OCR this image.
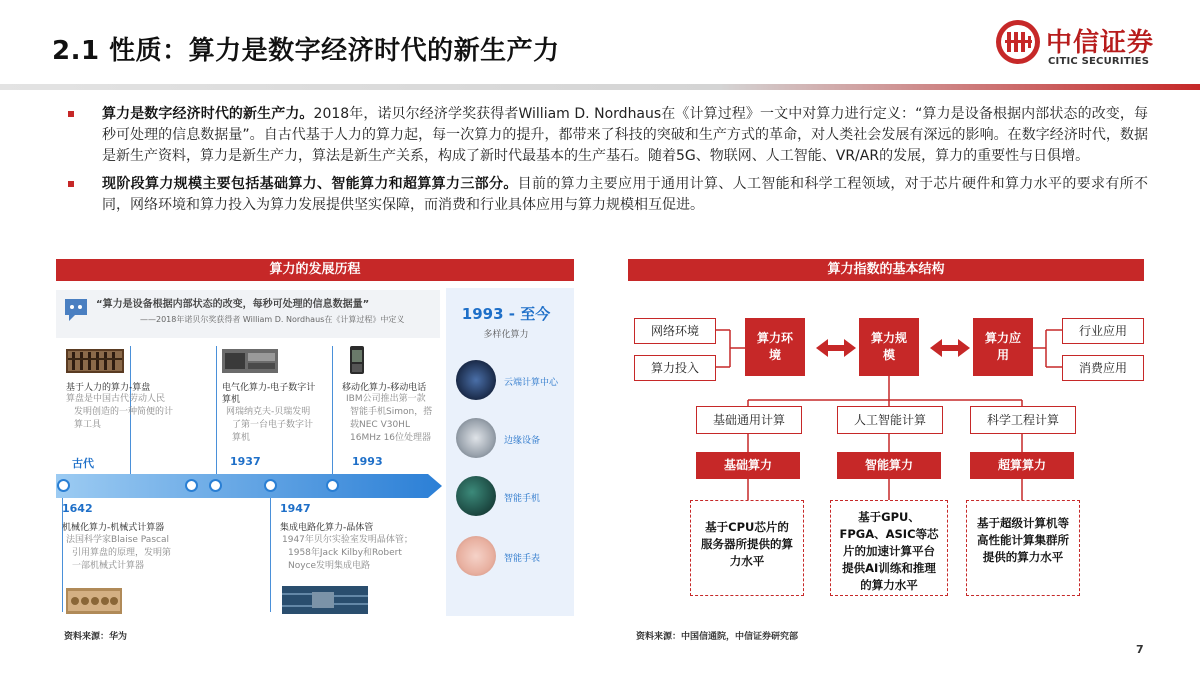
2.1 性质：算力是数字经济时代的新生产力	中信证券
CITIC SECURITIES
算力是数字经济时代的新生产力。2018年，诺贝尔经济学奖获得者William D. Nordhaus在《计算过程》一文中对算力进行定义：“算力是设备根据内部状态的改变，每秒可处理的信息数据量”。自古代基于人力的算力起，每一次算力的提升，都带来了科技的突破和生产方式的革命，对人类社会发展有深远的影响。在数字经济时代，数据是新生产资料，算力是新生产力，算法是新生产关系，构成了新时代最基本的生产基石。随着5G、物联网、人工智能、VR/AR的发展，算力的重要性与日俱增。
现阶段算力规模主要包括基础算力、智能算力和超算算力三部分。目前的算力主要应用于通用计算、人工智能和科学工程领域，对于芯片硬件和算力水平的要求有所不同，网络环境和算力投入为算力发展提供坚实保障，而消费和行业具体应用与算力规模相互促进。
算力的发展历程
“算力是设备根据内部状态的改变，每秒可处理的信息数据量”
——2018年诺贝尔奖获得者 William D. Nordhaus在《计算过程》中定义	1993 - 至今
多样化算力
云端计算中心
边缘设备
智能手机
智能手表
基于人力的算力-算盘
算盘是中国古代劳动人民
发明创造的一种简便的计
算工具
古代
电气化算力-电子数字计
算机
网瑞纳克夫-贝瑞发明
了第一台电子数字计
算机
1937
移动化算力-移动电话
IBM公司推出第一款
智能手机Simon，搭
载NEC V30HL
16MHz 16位处理器
1993
1642
机械化算力-机械式计算器
法国科学家Blaise Pascal
引用算盘的原理，发明第
一部机械式计算器
1947
集成电路化算力-晶体管
1947年贝尔实验室发明晶体管；
1958年Jack Kilby和Robert
Noyce发明集成电路
资料来源：华为
算力指数的基本结构
网络环境
算力投入
算力环境
算力规模
算力应用
行业应用
消费应用
基础通用计算	人工智能计算	科学工程计算
基础算力	智能算力	超算算力
基于CPU芯片的服务器所提供的算力水平
基于GPU、FPGA、ASIC等芯片的加速计算平台提供AI训练和推理的算力水平
基于超级计算机等高性能计算集群所提供的算力水平
资料来源：中国信通院，中信证券研究部
7
